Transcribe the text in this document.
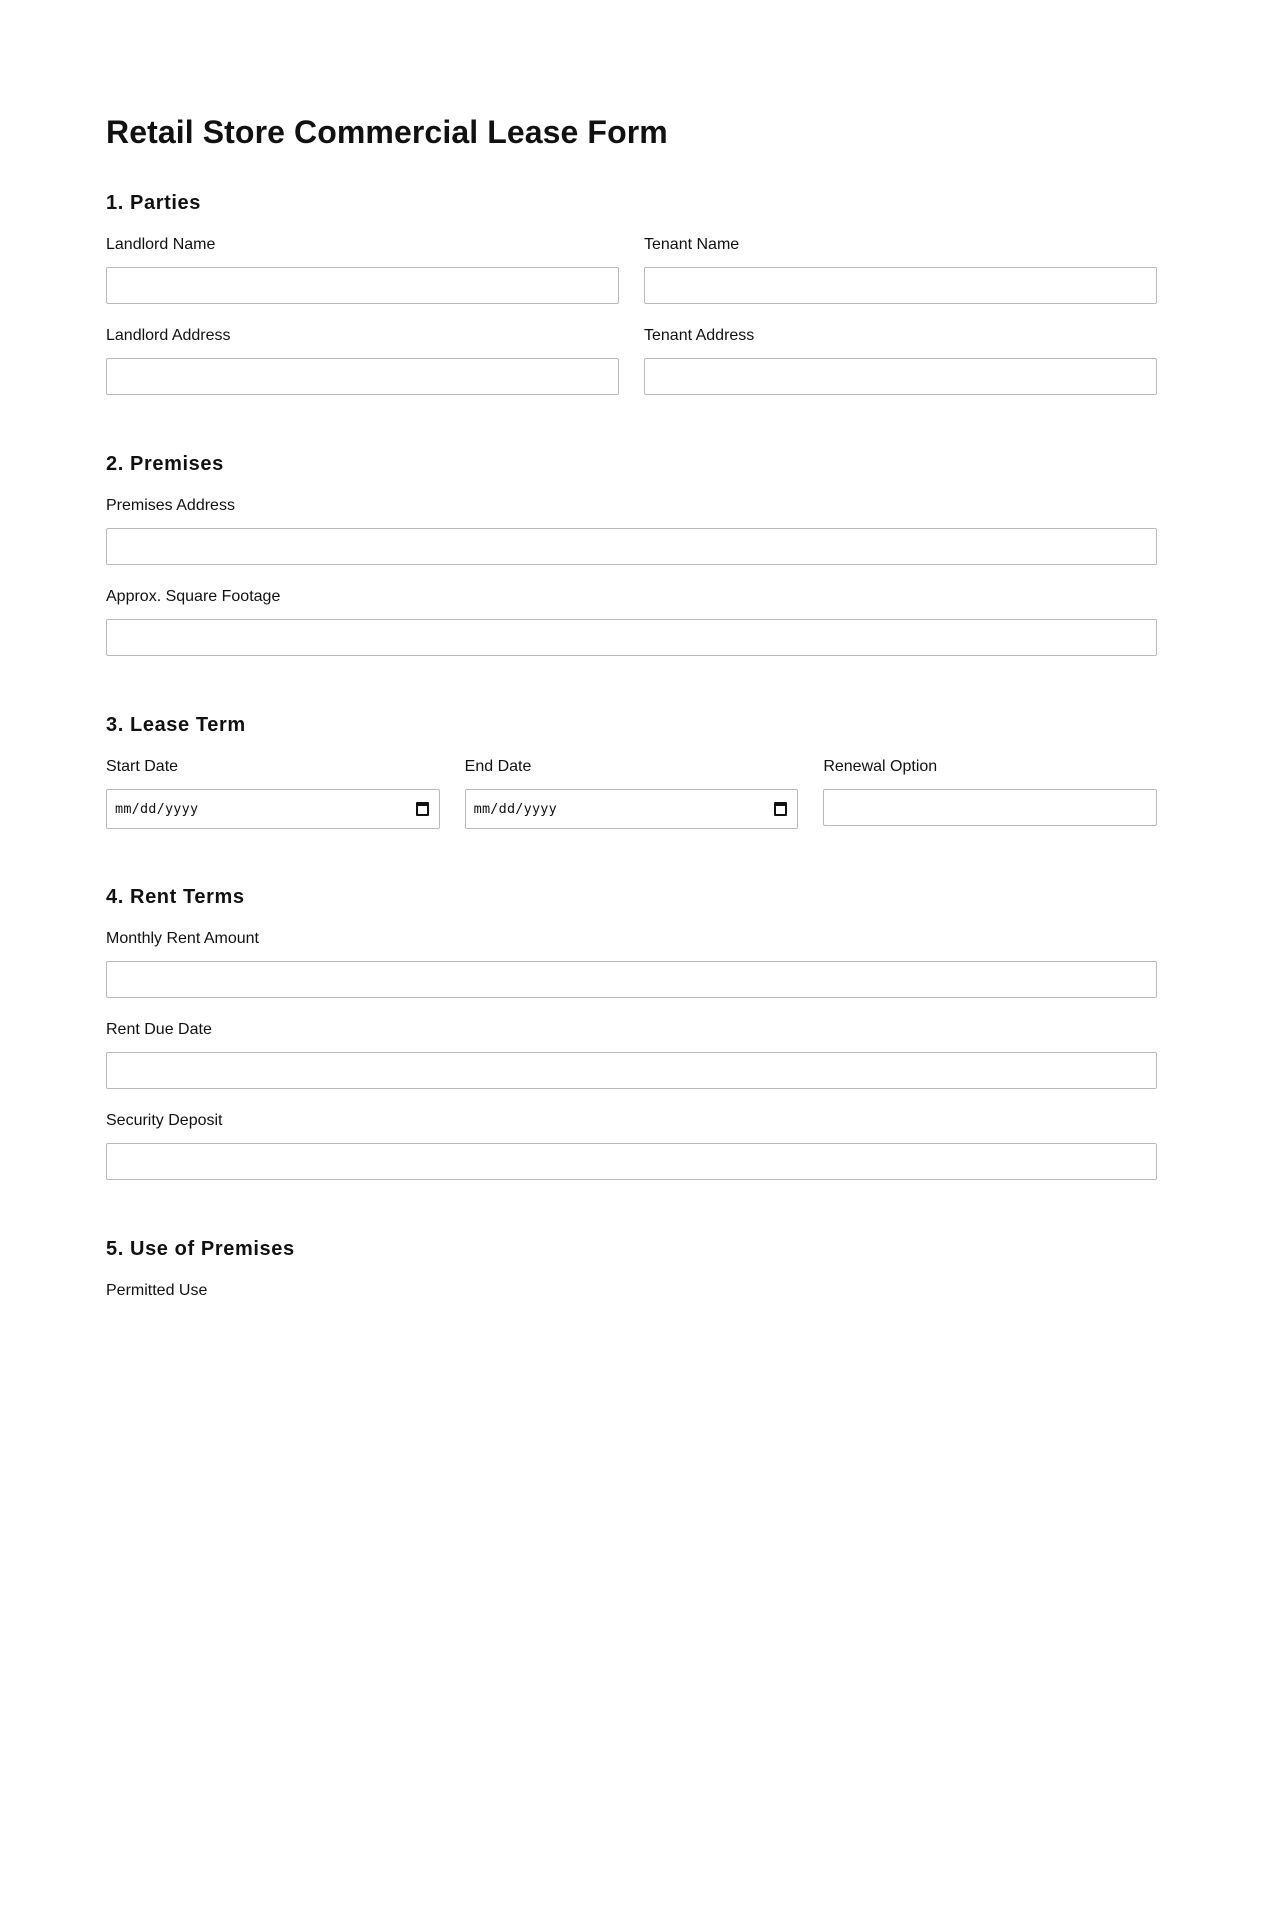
Retail Store Commercial Lease Form
1. Parties
Landlord Name	Tenant Name
Landlord Address	Tenant Address
2. Premises
Premises Address
Approx. Square Footage
3. Lease Term
Start Date
mm/dd/yyyy
End Date
mm/dd/yyyy
Renewal Option
4. Rent Terms
Monthly Rent Amount
Rent Due Date
Security Deposit
5. Use of Premises
Permitted Use
